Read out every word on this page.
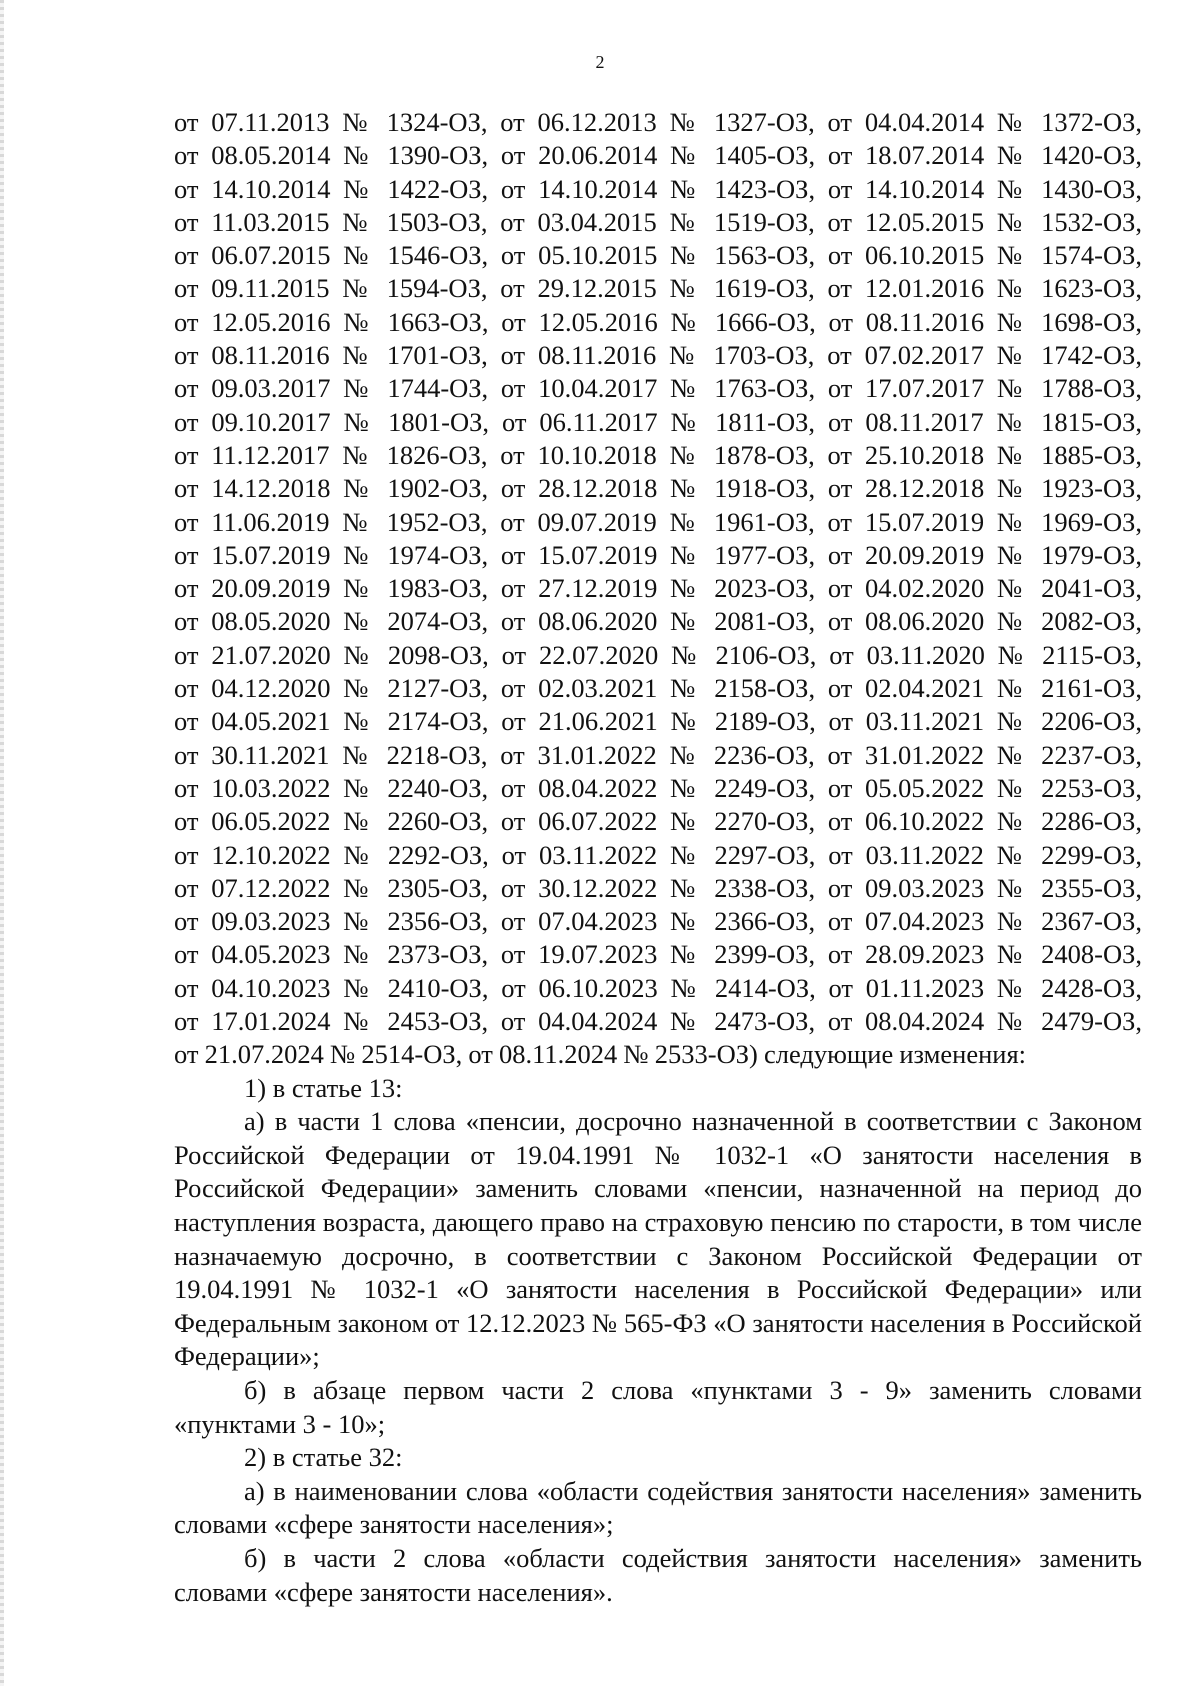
2
от 07.11.2013 № 1324-ОЗ, от 06.12.2013 № 1327-ОЗ, от 04.04.2014 № 1372-ОЗ,
от 08.05.2014 № 1390-ОЗ, от 20.06.2014 № 1405-ОЗ, от 18.07.2014 № 1420-ОЗ,
от 14.10.2014 № 1422-ОЗ, от 14.10.2014 № 1423-ОЗ, от 14.10.2014 № 1430-ОЗ,
от 11.03.2015 № 1503-ОЗ, от 03.04.2015 № 1519-ОЗ, от 12.05.2015 № 1532-ОЗ,
от 06.07.2015 № 1546-ОЗ, от 05.10.2015 № 1563-ОЗ, от 06.10.2015 № 1574-ОЗ,
от 09.11.2015 № 1594-ОЗ, от 29.12.2015 № 1619-ОЗ, от 12.01.2016 № 1623-ОЗ,
от 12.05.2016 № 1663-ОЗ, от 12.05.2016 № 1666-ОЗ, от 08.11.2016 № 1698-ОЗ,
от 08.11.2016 № 1701-ОЗ, от 08.11.2016 № 1703-ОЗ, от 07.02.2017 № 1742-ОЗ,
от 09.03.2017 № 1744-ОЗ, от 10.04.2017 № 1763-ОЗ, от 17.07.2017 № 1788-ОЗ,
от 09.10.2017 № 1801-ОЗ, от 06.11.2017 № 1811-ОЗ, от 08.11.2017 № 1815-ОЗ,
от 11.12.2017 № 1826-ОЗ, от 10.10.2018 № 1878-ОЗ, от 25.10.2018 № 1885-ОЗ,
от 14.12.2018 № 1902-ОЗ, от 28.12.2018 № 1918-ОЗ, от 28.12.2018 № 1923-ОЗ,
от 11.06.2019 № 1952-ОЗ, от 09.07.2019 № 1961-ОЗ, от 15.07.2019 № 1969-ОЗ,
от 15.07.2019 № 1974-ОЗ, от 15.07.2019 № 1977-ОЗ, от 20.09.2019 № 1979-ОЗ,
от 20.09.2019 № 1983-ОЗ, от 27.12.2019 № 2023-ОЗ, от 04.02.2020 № 2041-ОЗ,
от 08.05.2020 № 2074-ОЗ, от 08.06.2020 № 2081-ОЗ, от 08.06.2020 № 2082-ОЗ,
от 21.07.2020 № 2098-ОЗ, от 22.07.2020 № 2106-ОЗ, от 03.11.2020 № 2115-ОЗ,
от 04.12.2020 № 2127-ОЗ, от 02.03.2021 № 2158-ОЗ, от 02.04.2021 № 2161-ОЗ,
от 04.05.2021 № 2174-ОЗ, от 21.06.2021 № 2189-ОЗ, от 03.11.2021 № 2206-ОЗ,
от 30.11.2021 № 2218-ОЗ, от 31.01.2022 № 2236-ОЗ, от 31.01.2022 № 2237-ОЗ,
от 10.03.2022 № 2240-ОЗ, от 08.04.2022 № 2249-ОЗ, от 05.05.2022 № 2253-ОЗ,
от 06.05.2022 № 2260-ОЗ, от 06.07.2022 № 2270-ОЗ, от 06.10.2022 № 2286-ОЗ,
от 12.10.2022 № 2292-ОЗ, от 03.11.2022 № 2297-ОЗ, от 03.11.2022 № 2299-ОЗ,
от 07.12.2022 № 2305-ОЗ, от 30.12.2022 № 2338-ОЗ, от 09.03.2023 № 2355-ОЗ,
от 09.03.2023 № 2356-ОЗ, от 07.04.2023 № 2366-ОЗ, от 07.04.2023 № 2367-ОЗ,
от 04.05.2023 № 2373-ОЗ, от 19.07.2023 № 2399-ОЗ, от 28.09.2023 № 2408-ОЗ,
от 04.10.2023 № 2410-ОЗ, от 06.10.2023 № 2414-ОЗ, от 01.11.2023 № 2428-ОЗ,
от 17.01.2024 № 2453-ОЗ, от 04.04.2024 № 2473-ОЗ, от 08.04.2024 № 2479-ОЗ,
от 21.07.2024 № 2514-ОЗ, от 08.11.2024 № 2533-ОЗ) следующие изменения:

1) в статье 13:

а) в части 1 слова «пенсии, досрочно назначенной в соответствии с Законом Российской Федерации от 19.04.1991 № 1032-1 «О занятости населения в Российской Федерации» заменить словами «пенсии, назначенной на период до наступления возраста, дающего право на страховую пенсию по старости, в том числе назначаемую досрочно, в соответствии с Законом Российской Федерации от 19.04.1991 № 1032-1 «О занятости населения в Российской Федерации» или Федеральным законом от 12.12.2023 № 565-ФЗ «О занятости населения в Российской Федерации»;

б) в абзаце первом части 2 слова «пунктами 3 - 9» заменить словами «пунктами 3 - 10»;

2) в статье 32:

а) в наименовании слова «области содействия занятости населения» заменить словами «сфере занятости населения»;

б) в части 2 слова «области содействия занятости населения» заменить словами «сфере занятости населения».
